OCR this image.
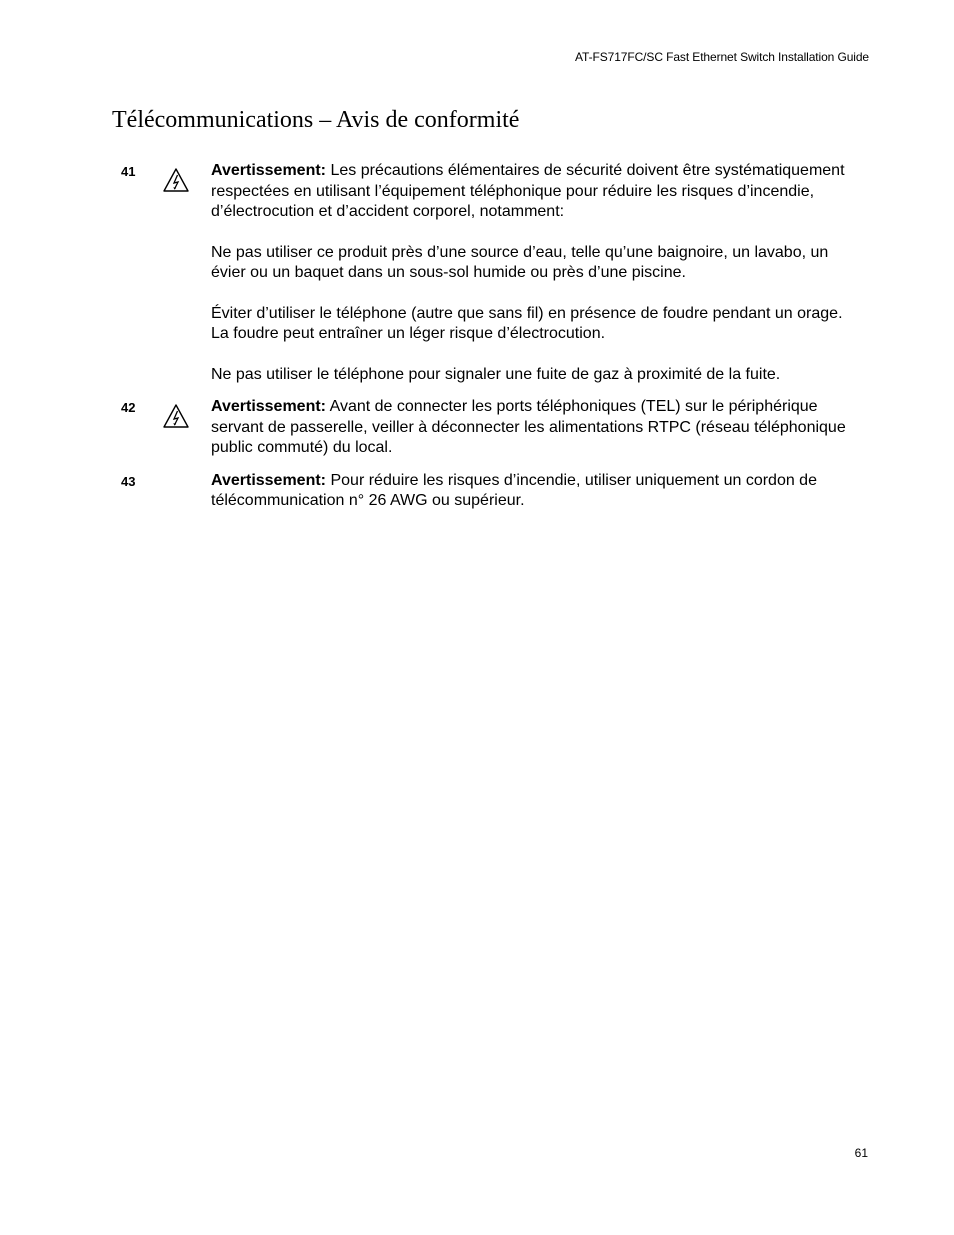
AT-FS717FC/SC Fast Ethernet Switch Installation Guide
Télécommunications – Avis de conformité
41	Avertissement: Les précautions élémentaires de sécurité doivent être systématiquement respectées en utilisant l’équipement téléphonique pour réduire les risques d’incendie, d’électrocution et d’accident corporel, notamment:

Ne pas utiliser ce produit près d’une source d’eau, telle qu’une baignoire, un lavabo, un évier ou un baquet dans un sous-sol humide ou près d’une piscine.

Éviter d’utiliser le téléphone (autre que sans fil) en présence de foudre pendant un orage. La foudre peut entraîner un léger risque d’électrocution.

Ne pas utiliser le téléphone pour signaler une fuite de gaz à proximité de la fuite.

42	Avertissement: Avant de connecter les ports téléphoniques (TEL) sur le périphérique servant de passerelle, veiller à déconnecter les alimentations RTPC (réseau téléphonique public commuté) du local.

43	Avertissement: Pour réduire les risques d’incendie, utiliser uniquement un cordon de télécommunication n° 26 AWG ou supérieur.

61
